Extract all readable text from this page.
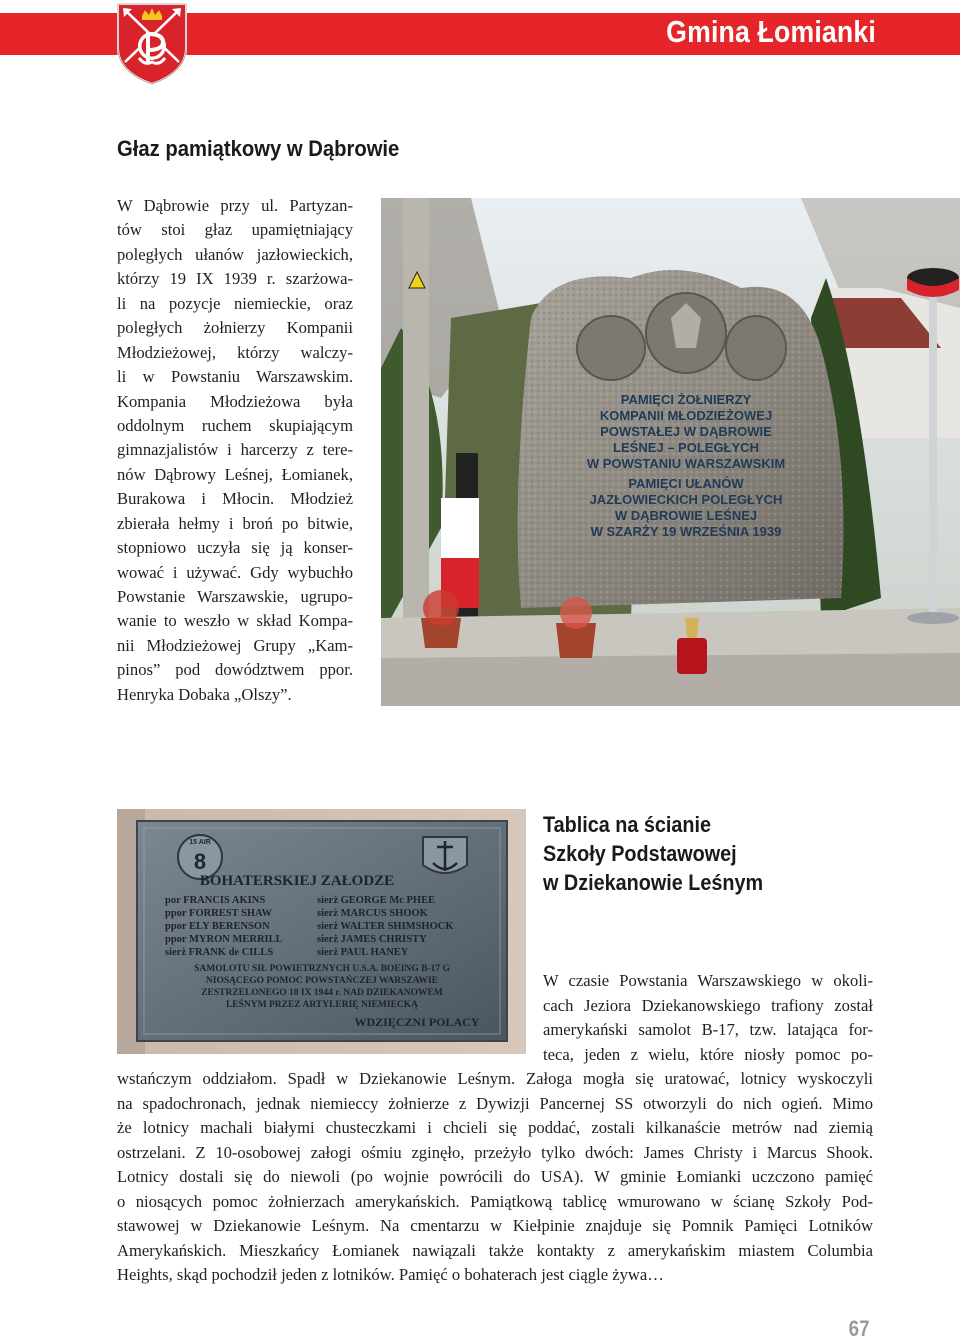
Gmina Łomianki
Głaz pamiątkowy w Dąbrowie

W Dąbrowie przy ul. Partyzan-
tów stoi głaz upamiętniający
poległych ułanów jazłowieckich,
którzy 19 IX 1939 r. szarżowa-
li na pozycje niemieckie, oraz
poległych żołnierzy Kompanii
Młodzieżowej, którzy walczy-
li w Powstaniu Warszawskim.
Kompania Młodzieżowa była
oddolnym ruchem skupiającym
gimnazjalistów i harcerzy z tere-
nów Dąbrowy Leśnej, Łomianek,
Burakowa i Młocin. Młodzież
zbierała hełmy i broń po bitwie,
stopniowo uczyła się ją konser-
wować i używać. Gdy wybuchło
Powstanie Warszawskie, ugrupo-
wanie to weszło w skład Kompa-
nii Młodzieżowej Grupy „Kam-
pinos” pod dowództwem ppor.
Henryka Dobaka „Olszy”.

PAMIĘCI ŻOŁNIERZY
KOMPANII MŁODZIEŻOWEJ
POWSTAŁEJ W DĄBROWIE
LEŚNEJ – POLEGŁYCH
W POWSTANIU WARSZAWSKIM
PAMIĘCI UŁANÓW
JAZŁOWIECKICH POLEGŁYCH
W DĄBROWIE LEŚNEJ
W SZARŻY 19 WRZEŚNIA 1939
15 AIR
8
BOHATERSKIEJ ZAŁODZE
por FRANCIS AKINS
ppor FORREST SHAW
ppor ELY BERENSON
ppor MYRON MERRILL
sierż FRANK de CILLS
sierż GEORGE Mc PHEE
sierż MARCUS SHOOK
sierż WALTER SHIMSHOCK
sierż JAMES CHRISTY
sierż PAUL HANEY
SAMOLOTU SIŁ POWIETRZNYCH U.S.A. BOEING B-17 G
NIOSĄCEGO POMOC POWSTAŃCZEJ WARSZAWIE
ZESTRZELONEGO 18 IX 1944 r. NAD DZIEKANOWEM
LEŚNYM PRZEZ ARTYLERIĘ NIEMIECKĄ
WDZIĘCZNI POLACY
Tablica na ścianie
Szkoły Podstawowej
w Dziekanowie Leśnym

W czasie Powstania Warszawskiego w okoli-
cach Jeziora Dziekanowskiego trafiony został
amerykański samolot B-17, tzw. latająca for-
teca, jeden z wielu, które niosły pomoc po-

wstańczym oddziałom. Spadł w Dziekanowie Leśnym. Załoga mogła się uratować, lotnicy wyskoczyli
na spadochronach, jednak niemieccy żołnierze z Dywizji Pancernej SS otworzyli do nich ogień. Mimo
że lotnicy machali białymi chusteczkami i chcieli się poddać, zostali kilkanaście metrów nad ziemią
ostrzelani. Z 10-osobowej załogi ośmiu zginęło, przeżyło tylko dwóch: James Christy i Marcus Shook.
Lotnicy dostali się do niewoli (po wojnie powrócili do USA). W gminie Łomianki uczczono pamięć
o niosących pomoc żołnierzach amerykańskich. Pamiątkową tablicę wmurowano w ścianę Szkoły Pod-
stawowej w Dziekanowie Leśnym. Na cmentarzu w Kiełpinie znajduje się Pomnik Pamięci Lotników
Amerykańskich. Mieszkańcy Łomianek nawiązali także kontakty z amerykańskim miastem Columbia
Heights, skąd pochodził jeden z lotników. Pamięć o bohaterach jest ciągle żywa…

67
